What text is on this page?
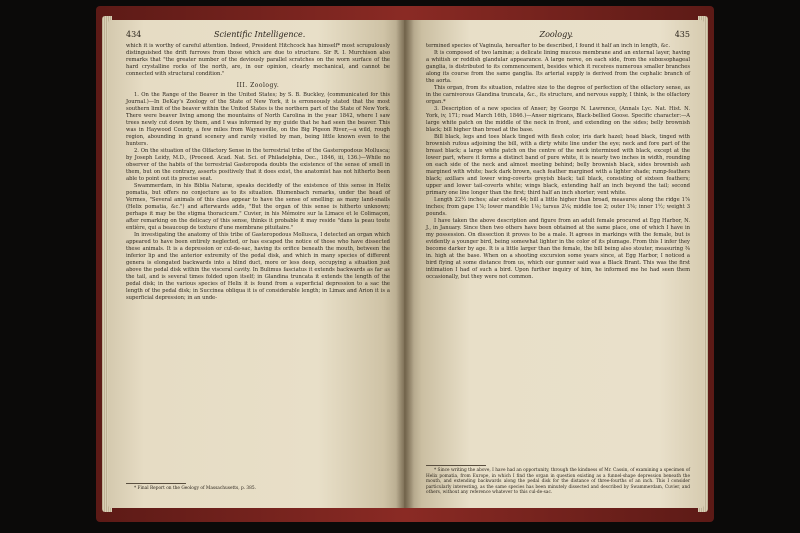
434	Scientific Intelligence.

which it is worthy of careful attention. Indeed, President Hitchcock has himself* most scrupulously distinguished the drift furrows from those which are due to structure. Sir R. I. Murchison also remarks that "the greater number of the deviously parallel scratches on the worn surface of the hard crystalline rocks of the north, are, in our opinion, clearly mechanical, and cannot be connected with structural condition."

III. Zoology.

1. On the Range of the Beaver in the United States; by S. B. Buckley, (communicated for this Journal.)—In DeKay's Zoology of the State of New York, it is erroneously stated that the most southern limit of the beaver within the United States is the northern part of the State of New York. There were beaver living among the mountains of North Carolina in the year 1842, where I saw trees newly cut down by them, and I was informed by my guide that he had seen the beaver. This was in Haywood County, a few miles from Waynesville, on the Big Pigeon River,—a wild, rough region, abounding in grand scenery and rarely visited by man, being little known even to the hunters.

2. On the situation of the Olfactory Sense in the terrestrial tribe of the Gasteropodous Mollusca; by Joseph Leidy, M.D., (Proceed. Acad. Nat. Sci. of Philadelphia, Dec., 1846, iii, 136.)—While no observer of the habits of the terrestrial Gasteropoda doubts the existence of the sense of smell in them, but on the contrary, asserts positively that it does exist, the anatomist has not hitherto been able to point out its precise seat.

Swammerdam, in his Biblia Naturæ, speaks decidedly of the existence of this sense in Helix pomatia, but offers no conjecture as to its situation. Blumenbach remarks, under the head of Vermes, "Several animals of this class appear to have the sense of smelling: as many land-snails (Helix pomatia, &c.") and afterwards adds, "But the organ of this sense is hitherto unknown; perhaps it may be the stigma thoracicum." Cuvier, in his Mémoire sur la Limace et le Colimaçon, after remarking on the delicacy of this sense, thinks it probable it may reside "dans la peau toute entière, qui a beaucoup de texture d'une membrane pituitaire."

In investigating the anatomy of this tribe of Gasteropodous Mollusca, I detected an organ which appeared to have been entirely neglected, or has escaped the notice of those who have dissected these animals. It is a depression or cul-de-sac, having its orifice beneath the mouth, between the inferior lip and the anterior extremity of the pedal disk, and which in many species of different genera is elongated backwards into a blind duct, more or less deep, occupying a situation just above the pedal disk within the visceral cavity. In Bulimus fasciatus it extends backwards as far as the tail, and is several times folded upon itself; in Glandina truncata it extends the length of the pedal disk; in the various species of Helix it is found from a superficial depression to a sac the length of the pedal disk; in Succinea obliqua it is of considerable length; in Limax and Arion it is a superficial depression; in an unde-

* Final Report on the Geology of Massachusetts, p. 385.

Zoology.	435

termined species of Vaginula, hereafter to be described, I found it half an inch in length, &c.

It is composed of two laminæ; a delicate lining mucous membrane and an external layer, having a whitish or reddish glandular appearance. A large nerve, on each side, from the subœsophageal ganglia, is distributed to its commencement, besides which it receives numerous smaller branches along its course from the same ganglia. Its arterial supply is derived from the cephalic branch of the aorta.

This organ, from its situation, relative size to the degree of perfection of the olfactory sense, as in the carnivorous Glandina truncata, &c., its structure, and nervous supply, I think, is the olfactory organ.*

3. Description of a new species of Anser; by George N. Lawrence, (Annals Lyc. Nat. Hist. N. York, iv, 171; read March 16th, 1846.)—Anser nigricans, Black-bellied Goose. Specific character:—A large white patch on the middle of the neck in front, and extending on the sides; belly brownish black; bill higher than broad at the base.

Bill black, legs and toes black tinged with flesh color, iris dark hazel; head black, tinged with brownish rufous adjoining the bill, with a dirty white line under the eye; neck and fore part of the breast black; a large white patch on the centre of the neck intermixed with black, except at the lower part, where it forms a distinct band of pure white, it is nearly two inches in width, rounding on each side of the neck and almost meeting behind; belly brownish black, sides brownish ash margined with white; back dark brown, each feather margined with a lighter shade; rump-feathers black; axillars and lower wing-coverts greyish black; tail black, consisting of sixteen feathers; upper and lower tail-coverts white; wings black, extending half an inch beyond the tail; second primary one line longer than the first; third half an inch shorter; vent white.

Length 22½ inches; alar extent 44; bill a little higher than broad, measures along the ridge 1⅞ inches; from gape 1⅞; lower mandible 1⅛; tarsus 2⅛; middle toe 2; outer 1⅝; inner 1½; weight 3 pounds.

I have taken the above description and figure from an adult female procured at Egg Harbor, N. J., in January. Since then two others have been obtained at the same place, one of which I have in my possession. On dissection it proves to be a male. It agrees in markings with the female, but is evidently a younger bird, being somewhat lighter in the color of its plumage. From this I infer they become darker by age. It is a little larger than the female, the bill being also stouter, measuring ⅜ in. high at the base. When on a shooting excursion some years since, at Egg Harbor, I noticed a bird flying at some distance from us, which our gunner said was a Black Brant. This was the first intimation I had of such a bird. Upon further inquiry of him, he informed me he had seen them occasionally, but they were not common.

* Since writing the above, I have had an opportunity, through the kindness of Mr. Cassin, of examining a specimen of Helix pomatia, from Europe, in which I find the organ in question existing as a funnel-shape depression beneath the mouth, and extending backwards along the pedal disk for the distance of three-fourths of an inch. This I consider particularly interesting, as the same species has been minutely dissected and described by Swammerdam, Cuvier, and others, without any reference whatever to this cul-de-sac.
